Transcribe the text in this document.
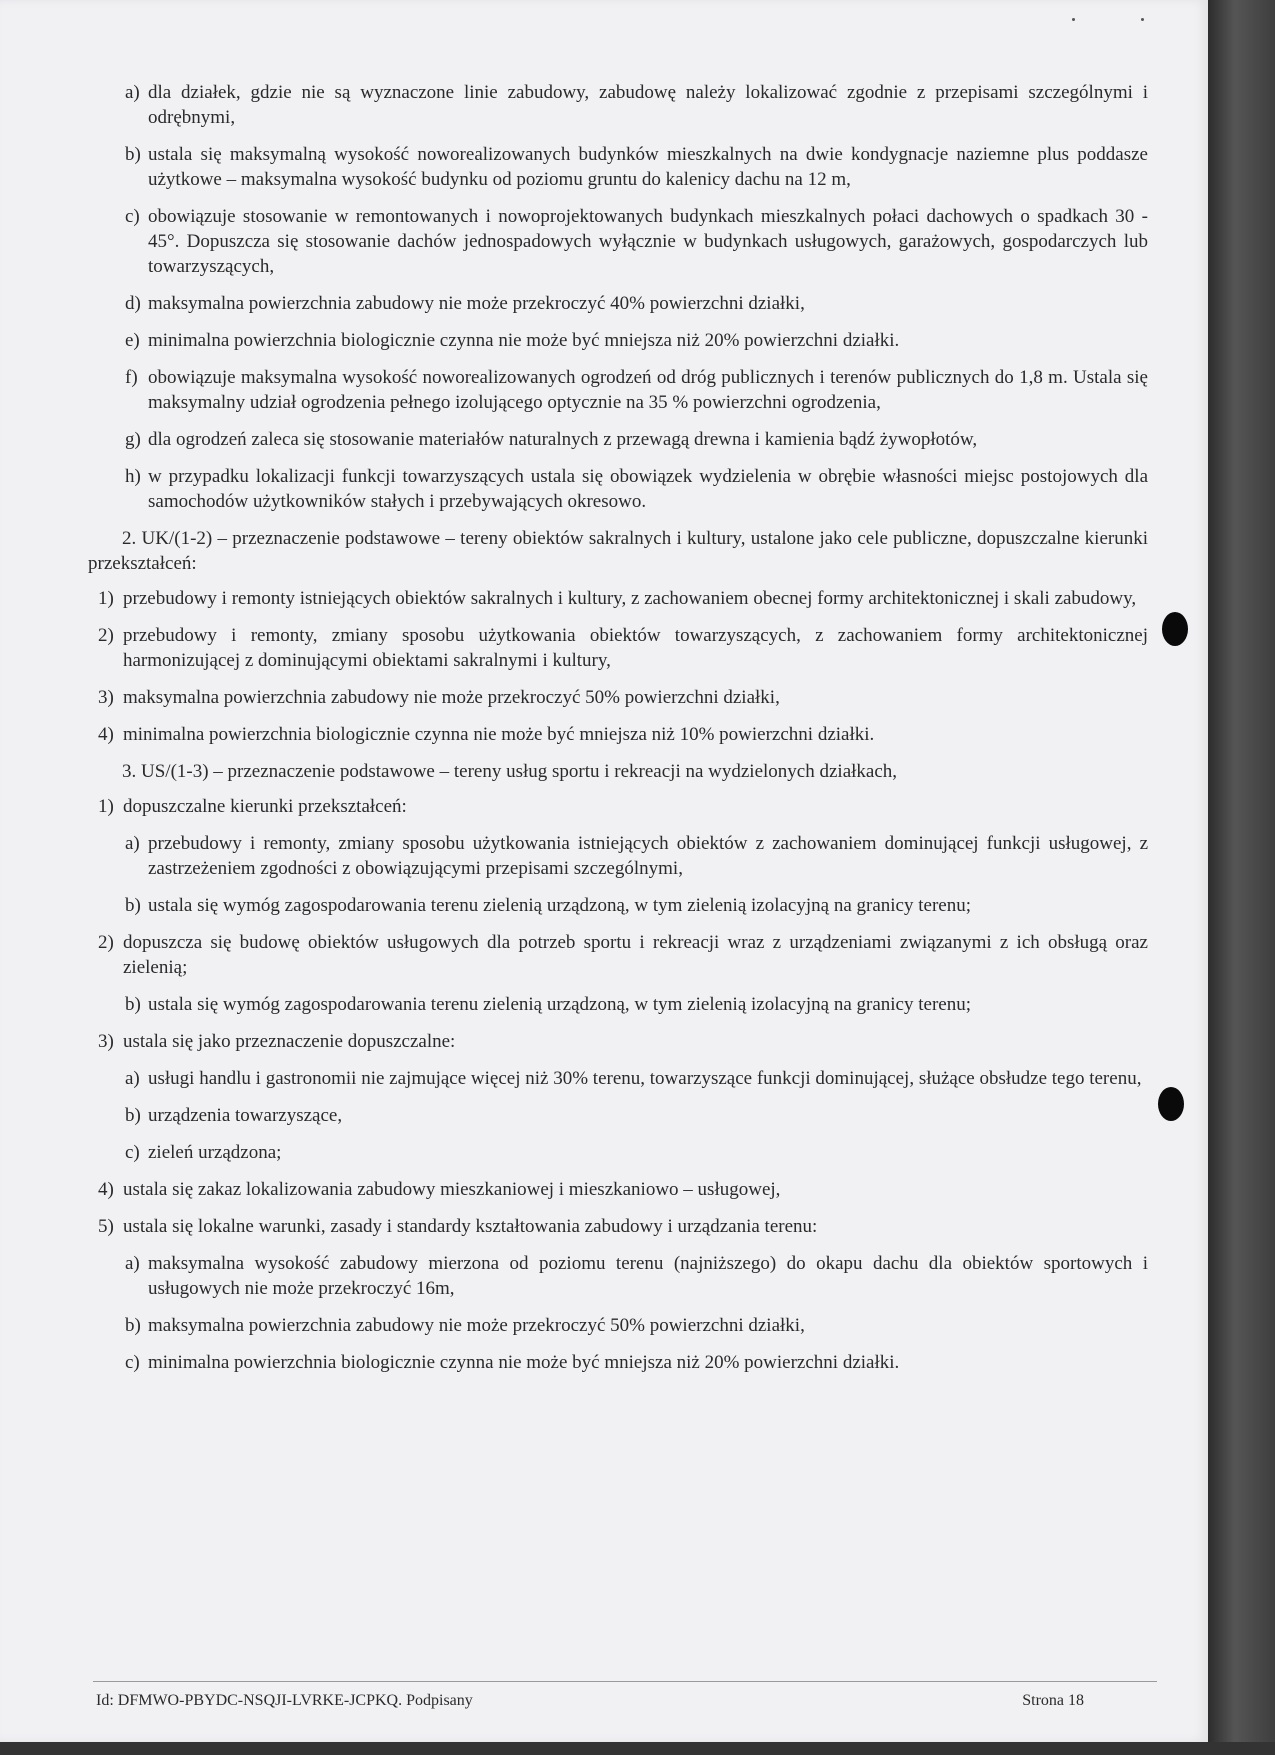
a) dla działek, gdzie nie są wyznaczone linie zabudowy, zabudowę należy lokalizować zgodnie z przepisami szczególnymi i odrębnymi,
b) ustala się maksymalną wysokość noworealizowanych budynków mieszkalnych na dwie kondygnacje naziemne plus poddasze użytkowe – maksymalna wysokość budynku od poziomu gruntu do kalenicy dachu na 12 m,
c) obowiązuje stosowanie w remontowanych i nowoprojektowanych budynkach mieszkalnych połaci dachowych o spadkach 30 - 45°. Dopuszcza się stosowanie dachów jednospadowych wyłącznie w budynkach usługowych, garażowych, gospodarczych lub towarzyszących,
d) maksymalna powierzchnia zabudowy nie może przekroczyć 40% powierzchni działki,
e) minimalna powierzchnia biologicznie czynna nie może być mniejsza niż 20% powierzchni działki.
f) obowiązuje maksymalna wysokość noworealizowanych ogrodzeń od dróg publicznych i terenów publicznych do 1,8 m. Ustala się maksymalny udział ogrodzenia pełnego izolującego optycznie na 35 % powierzchni ogrodzenia,
g) dla ogrodzeń zaleca się stosowanie materiałów naturalnych z przewagą drewna i kamienia bądź żywopłotów,
h) w przypadku lokalizacji funkcji towarzyszących ustala się obowiązek wydzielenia w obrębie własności miejsc postojowych dla samochodów użytkowników stałych i przebywających okresowo.
2. UK/(1-2) – przeznaczenie podstawowe – tereny obiektów sakralnych i kultury, ustalone jako cele publiczne, dopuszczalne kierunki przekształceń:
1) przebudowy i remonty istniejących obiektów sakralnych i kultury, z zachowaniem obecnej formy architektonicznej i skali zabudowy,
2) przebudowy i remonty, zmiany sposobu użytkowania obiektów towarzyszących, z zachowaniem formy architektonicznej harmonizującej z dominującymi obiektami sakralnymi i kultury,
3) maksymalna powierzchnia zabudowy nie może przekroczyć 50% powierzchni działki,
4) minimalna powierzchnia biologicznie czynna nie może być mniejsza niż 10% powierzchni działki.
3. US/(1-3) – przeznaczenie podstawowe – tereny usług sportu i rekreacji na wydzielonych działkach,
1) dopuszczalne kierunki przekształceń:
a) przebudowy i remonty, zmiany sposobu użytkowania istniejących obiektów z zachowaniem dominującej funkcji usługowej, z zastrzeżeniem zgodności z obowiązującymi przepisami szczególnymi,
b) ustala się wymóg zagospodarowania terenu zielenią urządzoną, w tym zielenią izolacyjną na granicy terenu;
2) dopuszcza się budowę obiektów usługowych dla potrzeb sportu i rekreacji wraz z urządzeniami związanymi z ich obsługą oraz zielenią;
b) ustala się wymóg zagospodarowania terenu zielenią urządzoną, w tym zielenią izolacyjną na granicy terenu;
3) ustala się jako przeznaczenie dopuszczalne:
a) usługi handlu i gastronomii nie zajmujące więcej niż 30% terenu, towarzyszące funkcji dominującej, służące obsłudze tego terenu,
b) urządzenia towarzyszące,
c) zieleń urządzona;
4) ustala się zakaz lokalizowania zabudowy mieszkaniowej i mieszkaniowo – usługowej,
5) ustala się lokalne warunki, zasady i standardy kształtowania zabudowy i urządzania terenu:
a) maksymalna wysokość zabudowy mierzona od poziomu terenu (najniższego) do okapu dachu dla obiektów sportowych i usługowych nie może przekroczyć 16m,
b) maksymalna powierzchnia zabudowy nie może przekroczyć 50% powierzchni działki,
c) minimalna powierzchnia biologicznie czynna nie może być mniejsza niż 20% powierzchni działki.
Id: DFMWO-PBYDC-NSQJI-LVRKE-JCPKQ. Podpisany	Strona 18
